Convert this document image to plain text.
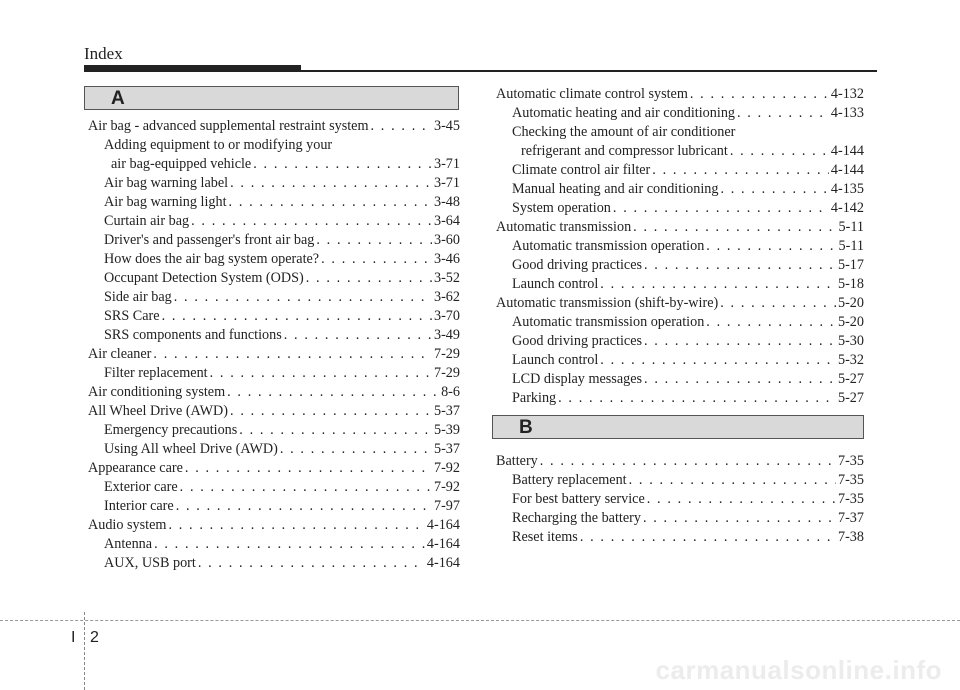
Index
A
Air bag - advanced supplemental restraint system . . .	3-45
Adding equipment to or modifying your
air bag-equipped vehicle . . .	3-71
Air bag warning label . . .	3-71
Air bag warning light . . .	3-48
Curtain air bag . . .	3-64
Driver's and passenger's front air bag . . .	3-60
How does the air bag system operate? . . .	3-46
Occupant Detection System (ODS) . . .	3-52
Side air bag . . .	3-62
SRS Care . . .	3-70
SRS components and functions . . .	3-49
Air cleaner . . .	7-29
Filter replacement . . .	7-29
Air conditioning system . . .	8-6
All Wheel Drive (AWD) . . .	5-37
Emergency precautions . . .	5-39
Using All wheel Drive (AWD) . . .	5-37
Appearance care . . .	7-92
Exterior care . . .	7-92
Interior care . . .	7-97
Audio system . . .	4-164
Antenna . . .	4-164
AUX, USB port . . .	4-164
Automatic climate control system . . .	4-132
Automatic heating and air conditioning . . .	4-133
Checking the amount of air conditioner
refrigerant and compressor lubricant . . .	4-144
Climate control air filter . . .	4-144
Manual heating and air conditioning . . .	4-135
System operation . . .	4-142
Automatic transmission . . .	5-11
Automatic transmission operation . . .	5-11
Good driving practices . . .	5-17
Launch control . . .	5-18
Automatic transmission (shift-by-wire) . . .	5-20
Automatic transmission operation . . .	5-20
Good driving practices . . .	5-30
Launch control . . .	5-32
LCD display messages . . .	5-27
Parking . . .	5-27
B
Battery . . .	7-35
Battery replacement . . .	7-35
For best battery service . . .	7-35
Recharging the battery . . .	7-37
Reset items . . .	7-38
I 2
carmanualsonline.info
